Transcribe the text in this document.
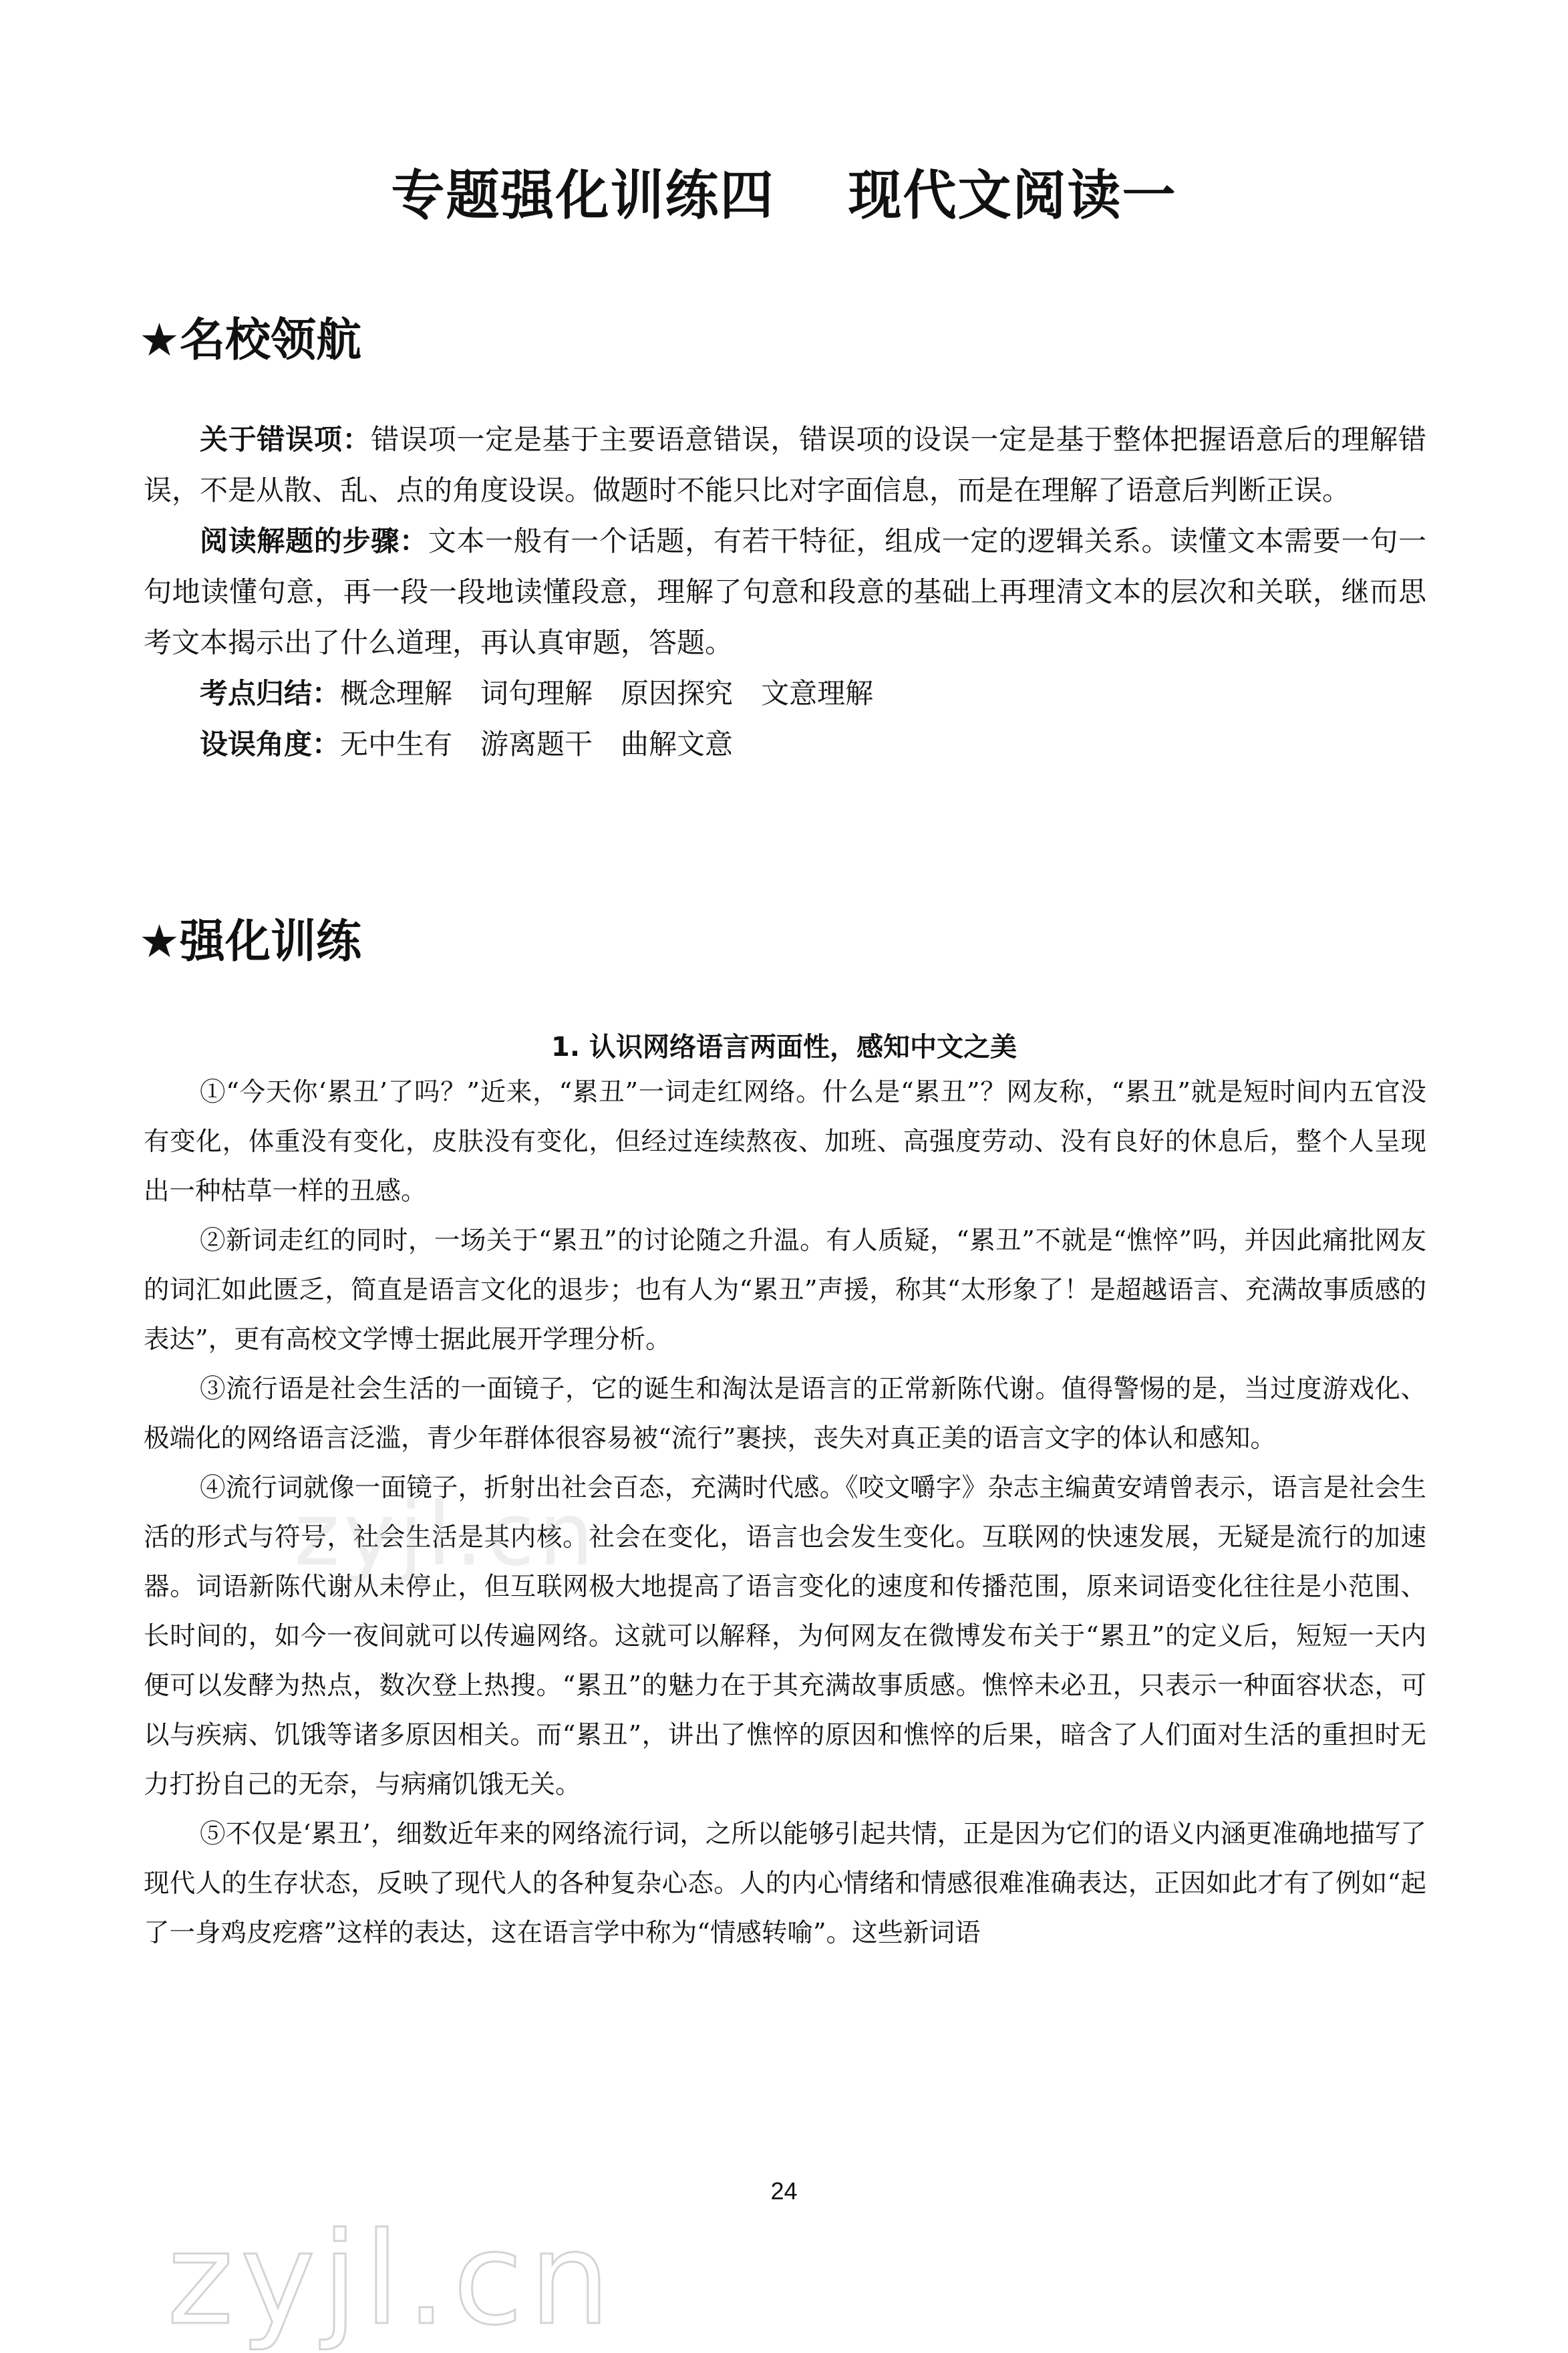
专题强化训练四 现代文阅读一
★名校领航

关于错误项：错误项一定是基于主要语意错误，错误项的设误一定是基于整体把握语意后的理解错误，不是从散、乱、点的角度设误。做题时不能只比对字面信息，而是在理解了语意后判断正误。

阅读解题的步骤：文本一般有一个话题，有若干特征，组成一定的逻辑关系。读懂文本需要一句一句地读懂句意，再一段一段地读懂段意，理解了句意和段意的基础上再理清文本的层次和关联，继而思考文本揭示出了什么道理，再认真审题，答题。

考点归结：概念理解 词句理解 原因探究 文意理解
设误角度：无中生有 游离题干 曲解文意
★强化训练
1. 认识网络语言两面性，感知中文之美

①“今天你‘累丑’了吗？”近来，“累丑”一词走红网络。什么是“累丑”？网友称，“累丑”就是短时间内五官没有变化，体重没有变化，皮肤没有变化，但经过连续熬夜、加班、高强度劳动、没有良好的休息后，整个人呈现出一种枯草一样的丑感。

②新词走红的同时，一场关于“累丑”的讨论随之升温。有人质疑，“累丑”不就是“憔悴”吗，并因此痛批网友的词汇如此匮乏，简直是语言文化的退步；也有人为“累丑”声援，称其“太形象了！是超越语言、充满故事质感的表达”，更有高校文学博士据此展开学理分析。

③流行语是社会生活的一面镜子，它的诞生和淘汰是语言的正常新陈代谢。值得警惕的是，当过度游戏化、极端化的网络语言泛滥，青少年群体很容易被“流行”裹挟，丧失对真正美的语言文字的体认和感知。

④流行词就像一面镜子，折射出社会百态，充满时代感。《咬文嚼字》杂志主编黄安靖曾表示，语言是社会生活的形式与符号，社会生活是其内核。社会在变化，语言也会发生变化。互联网的快速发展，无疑是流行的加速器。词语新陈代谢从未停止，但互联网极大地提高了语言变化的速度和传播范围，原来词语变化往往是小范围、长时间的，如今一夜间就可以传遍网络。这就可以解释，为何网友在微博发布关于“累丑”的定义后，短短一天内便可以发酵为热点，数次登上热搜。“累丑”的魅力在于其充满故事质感。憔悴未必丑，只表示一种面容状态，可以与疾病、饥饿等诸多原因相关。而“累丑”，讲出了憔悴的原因和憔悴的后果，暗含了人们面对生活的重担时无力打扮自己的无奈，与病痛饥饿无关。

⑤不仅是‘累丑’，细数近年来的网络流行词，之所以能够引起共情，正是因为它们的语义内涵更准确地描写了现代人的生存状态，反映了现代人的各种复杂心态。人的内心情绪和情感很难准确表达，正因如此才有了例如“起了一身鸡皮疙瘩”这样的表达，这在语言学中称为“情感转喻”。这些新词语

zyjl.cn
24
zyjl.cn
